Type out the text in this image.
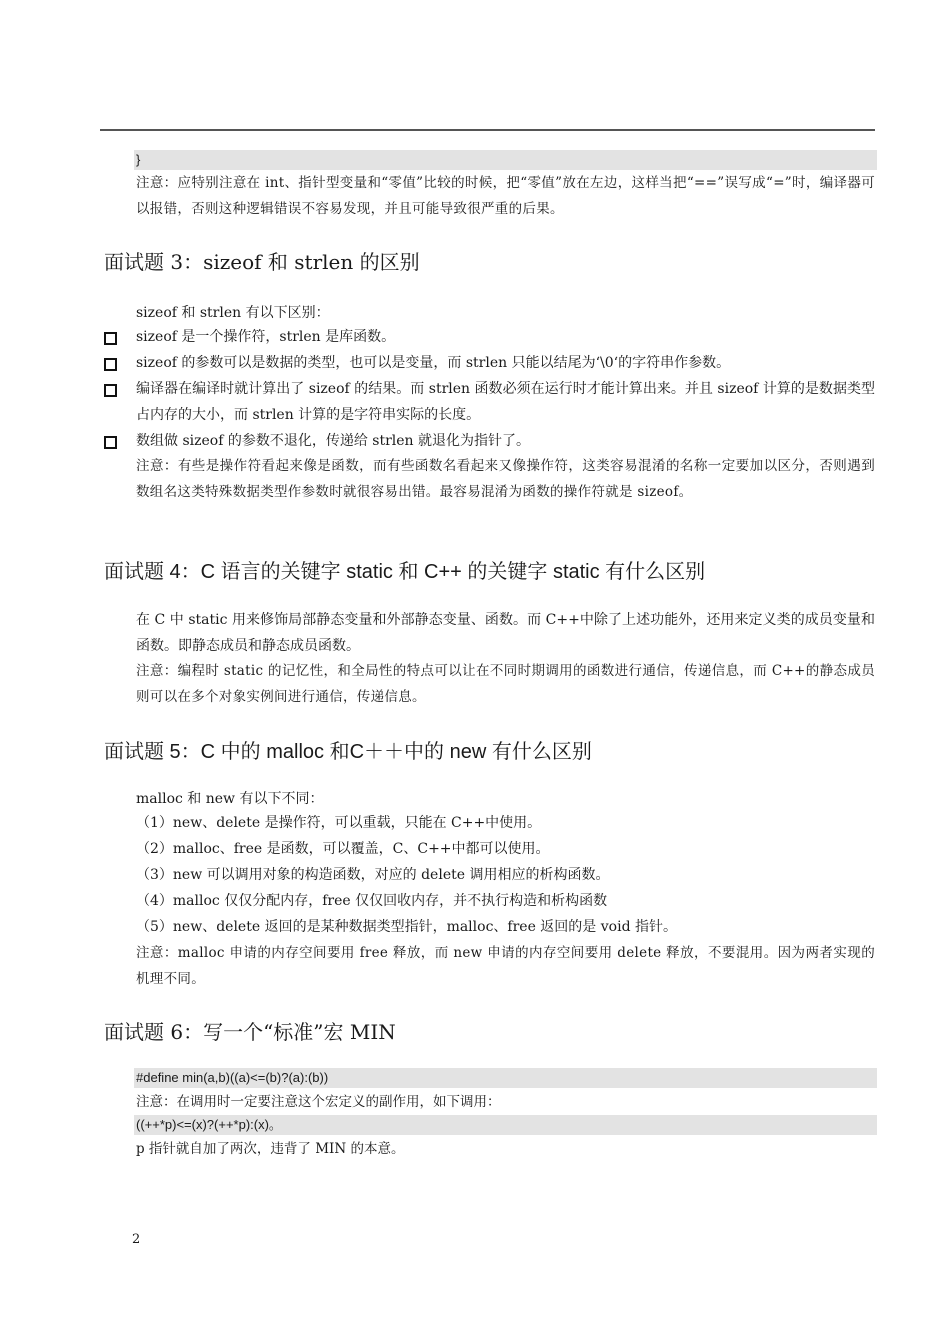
}
注意：应特别注意在 int、指针型变量和“零值”比较的时候，把“零值”放在左边，这样当把“==”误写成“=”时，编译器可以报错，否则这种逻辑错误不容易发现，并且可能导致很严重的后果。
面试题 3：sizeof 和 strlen 的区别
sizeof 和 strlen 有以下区别：
sizeof 是一个操作符，strlen 是库函数。
sizeof 的参数可以是数据的类型，也可以是变量，而 strlen 只能以结尾为‘\0‘的字符串作参数。
编译器在编译时就计算出了 sizeof 的结果。而 strlen 函数必须在运行时才能计算出来。并且 sizeof 计算的是数据类型占内存的大小，而 strlen 计算的是字符串实际的长度。
数组做 sizeof 的参数不退化，传递给 strlen 就退化为指针了。
注意：有些是操作符看起来像是函数，而有些函数名看起来又像操作符，这类容易混淆的名称一定要加以区分，否则遇到数组名这类特殊数据类型作参数时就很容易出错。最容易混淆为函数的操作符就是 sizeof。
面试题 4：C 语言的关键字 static 和 C++ 的关键字 static 有什么区别
在 C 中 static 用来修饰局部静态变量和外部静态变量、函数。而 C++中除了上述功能外，还用来定义类的成员变量和函数。即静态成员和静态成员函数。
注意：编程时 static 的记忆性，和全局性的特点可以让在不同时期调用的函数进行通信，传递信息，而 C++的静态成员则可以在多个对象实例间进行通信，传递信息。
面试题 5：C 中的 malloc 和C＋＋中的 new 有什么区别
malloc 和 new 有以下不同：
（1）new、delete 是操作符，可以重载，只能在 C++中使用。
（2）malloc、free 是函数，可以覆盖，C、C++中都可以使用。
（3）new 可以调用对象的构造函数，对应的 delete 调用相应的析构函数。
（4）malloc 仅仅分配内存，free 仅仅回收内存，并不执行构造和析构函数
（5）new、delete 返回的是某种数据类型指针，malloc、free 返回的是 void 指针。
注意：malloc 申请的内存空间要用 free 释放，而 new 申请的内存空间要用 delete 释放，不要混用。因为两者实现的机理不同。
面试题 6：写一个“标准”宏 MIN
#define min(a,b)((a)<=(b)?(a):(b))
注意：在调用时一定要注意这个宏定义的副作用，如下调用：
((++*p)<=(x)?(++*p):(x)。
p 指针就自加了两次，违背了 MIN 的本意。
2
